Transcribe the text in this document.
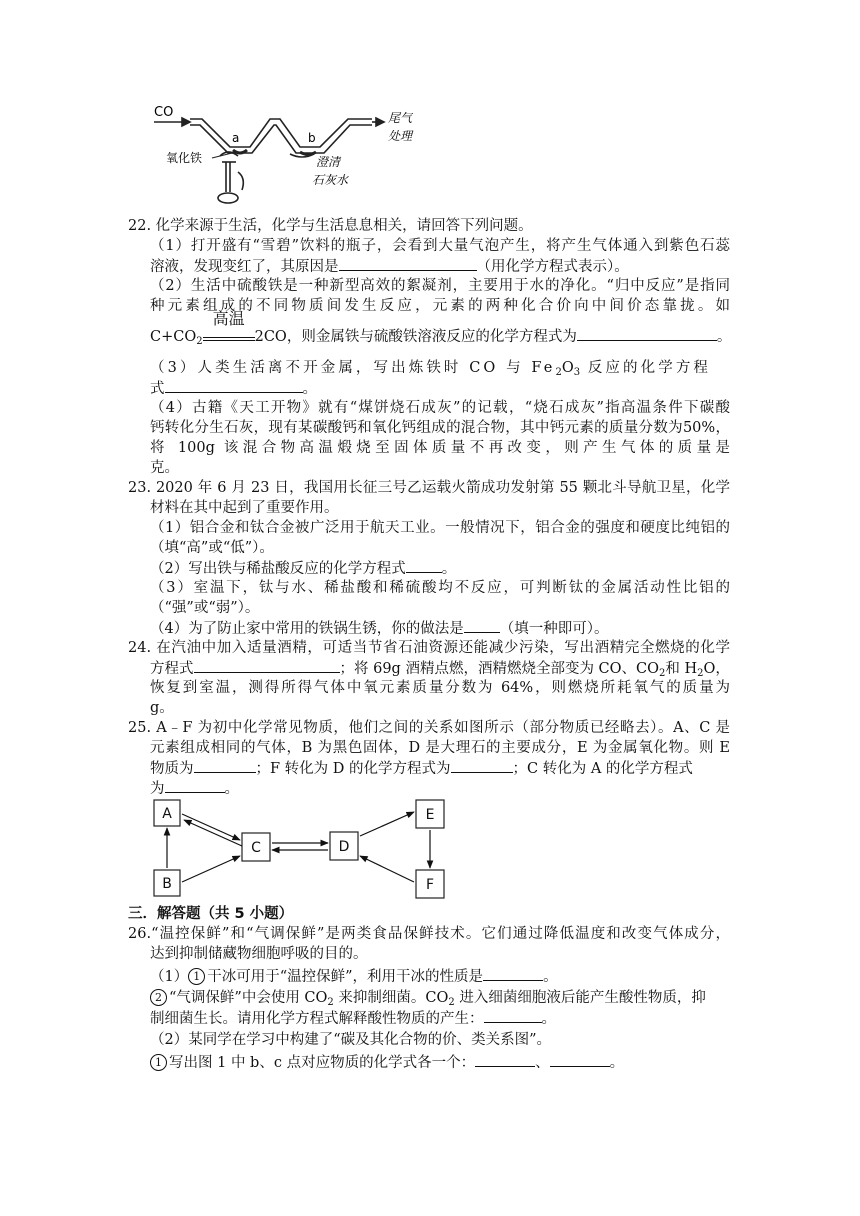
CO
a	b
氧化铁
尾气
处理
澄清
石灰水
22. 化学来源于生活，化学与生活息息相关，请回答下列问题。
（1）打开盛有“雪碧”饮料的瓶子，会看到大量气泡产生，将产生气体通入到紫色石蕊
溶液，发现变红了，其原因是	（用化学方程式表示）。
（2）生活中硫酸铁是一种新型高效的絮凝剂，主要用于水的净化。“归中反应”是指同
种元素组成的不同物质间发生反应，元素的两种化合价向中间价态靠拢。如
$C+CO_2$
高温
2CO，则金属铁与硫酸铁溶液反应的化学方程式为	。
（3）人类生活离不开金属，写出炼铁时 CO 与 $Fe_2O_3$ 反应的化学方程
式	。
（4）古籍《天工开物》就有“煤饼烧石成灰”的记载，“烧石成灰”指高温条件下碳酸
钙转化分生石灰，现有某碳酸钙和氧化钙组成的混合物，其中钙元素的质量分数为50%，
将 100g 该混合物高温煅烧至固体质量不再改变，则产生气体的质量是
克。
23. 2020 年 6 月 23 日，我国用长征三号乙运载火箭成功发射第 55 颗北斗导航卫星，化学
材料在其中起到了重要作用。
（1）铝合金和钛合金被广泛用于航天工业。一般情况下，铝合金的强度和硬度比纯铝的
（填“高”或“低”）。
（2）写出铁与稀盐酸反应的化学方程式 。
（3）室温下，钛与水、稀盐酸和稀硫酸均不反应，可判断钛的金属活动性比铝的
（“强”或“弱”）。
（4）为了防止家中常用的铁锅生锈，你的做法是 （填一种即可）。
24. 在汽油中加入适量酒精，可适当节省石油资源还能减少污染，写出酒精完全燃烧的化学
方程式	；将 69g 酒精点燃，酒精燃烧全部变为 CO、$CO_2$和 $H_2O$，
恢复到室温，测得所得气体中氧元素质量分数为 64%，则燃烧所耗氧气的质量为
g。
25. A﹣F 为初中化学常见物质，他们之间的关系如图所示（部分物质已经略去）。A、C 是
元素组成相同的气体，B 为黑色固体，D 是大理石的主要成分，E 为金属氧化物。则 E
物质为	；F 转化为 D 的化学方程式为	；C 转化为 A 的化学方程式
为	。
A
B
C	D
E
F
三．解答题（共 5 小题）
26.“温控保鲜”和“气调保鲜”是两类食品保鲜技术。它们通过降低温度和改变气体成分，
达到抑制储藏物细胞呼吸的目的。
（1） 1 干冰可用于“温控保鲜”，利用干冰的性质是	。
2 “气调保鲜”中会使用 $CO_2$ 来抑制细菌。$CO_2$ 进入细菌细胞液后能产生酸性物质，抑
制细菌生长。请用化学方程式解释酸性物质的产生：	。
（2）某同学在学习中构建了“碳及其化合物的价、类关系图”。
1 写出图 1 中 b、c 点对应物质的化学式各一个：	、	。
